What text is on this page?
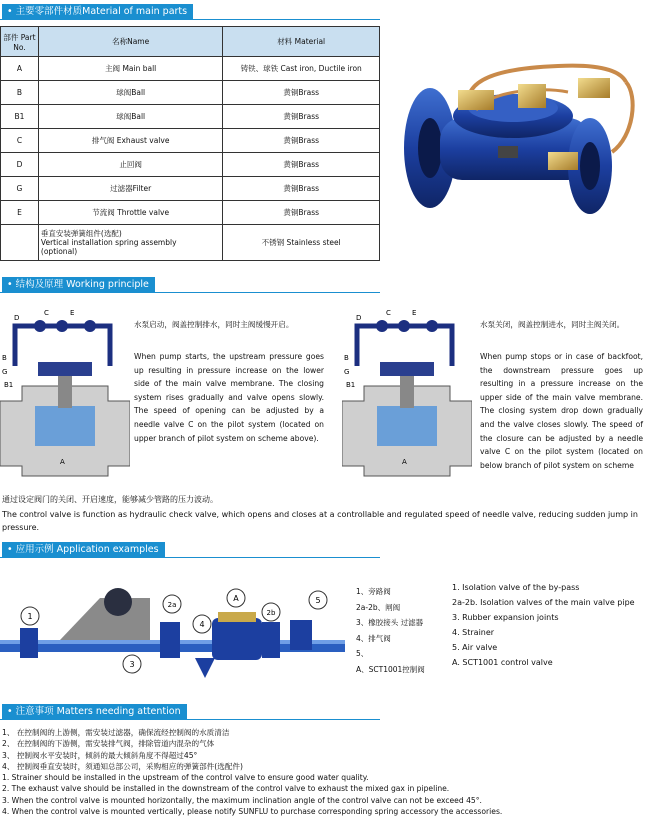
• 主要零部件材质Material of main parts
部件 Part No.	名称Name	材料 Material
A	主阀 Main ball	铸铁、球铁 Cast iron, Ductile iron
B	球阀Ball	黄铜Brass
B1	球阀Ball	黄铜Brass
C	排气阀 Exhaust valve	黄铜Brass
D	止回阀	黄铜Brass
G	过滤器Filter	黄铜Brass
E	节流阀 Throttle valve	黄铜Brass
	垂直安装弹簧组件(选配)
Vertical installation spring assembly
(optional)	不锈钢 Stainless steel
• 结构及原理 Working principle
D
C	E
B
G
B1
A
水泵启动，阀盖控制排水，同时主阀缓慢开启。
When pump starts, the upstream pressure goes up resulting in pressure increase on the lower side of the main valve membrane. The closing system rises gradually and valve opens slowly. The speed of opening can be adjusted by a needle valve C on the pilot system (located on upper branch of pilot system on scheme above).
D
C	E
B
G
B1
A
水泵关闭，阀盖控制进水，同时主阀关闭。
When pump stops or in case of backfoot, the downstream pressure goes up resulting in a pressure increase on the upper side of the main valve membrane. The closing system drop down gradually and the valve closes slowly. The speed of the closure can be adjusted by a needle valve C on the pilot system (located on below branch of pilot system on scheme
通过设定阀门的关闭、开启速度，能够减少管路的压力波动。
The control valve is function as hydraulic check valve, which opens and closes at a controllable and regulated speed of needle valve, reducing sudden jump in pressure.
• 应用示例 Application examples
1
2a
A
2b
5
4
3
1、旁路阀
2a-2b、闸阀
3、橡胶接头 过滤器
4、排气阀
5、
A、SCT1001控制阀
1. Isolation valve of the by-pass
2a-2b. Isolation valves of the main valve pipe
3. Rubber expansion joints
4. Strainer
5. Air valve
A. SCT1001 control valve
• 注意事项 Matters needing attention
1、 在控制阀的上游侧，需安装过滤器，确保流经控制阀的水质清洁
2、 在控制阀的下游侧，需安装排气阀，排除管道内混杂的气体
3、 控制阀水平安装时，倾斜的最大倾斜角度不得超过45°
4、 控制阀垂直安装时，须通知总部公司，采购相应的弹簧部件(选配件)
1. Strainer should be installed in the upstream of the control valve to ensure good water quality.
2. The exhaust valve should be installed in the downstream of the control valve to exhaust the mixed gax in pipeline.
3. When the control valve is mounted horizontally, the maximum inclination angle of the control valve can not be exceed 45°.
4. When the control valve is mounted vertically, please notify SUNFLU to purchase corresponding spring accessory the accessories.
